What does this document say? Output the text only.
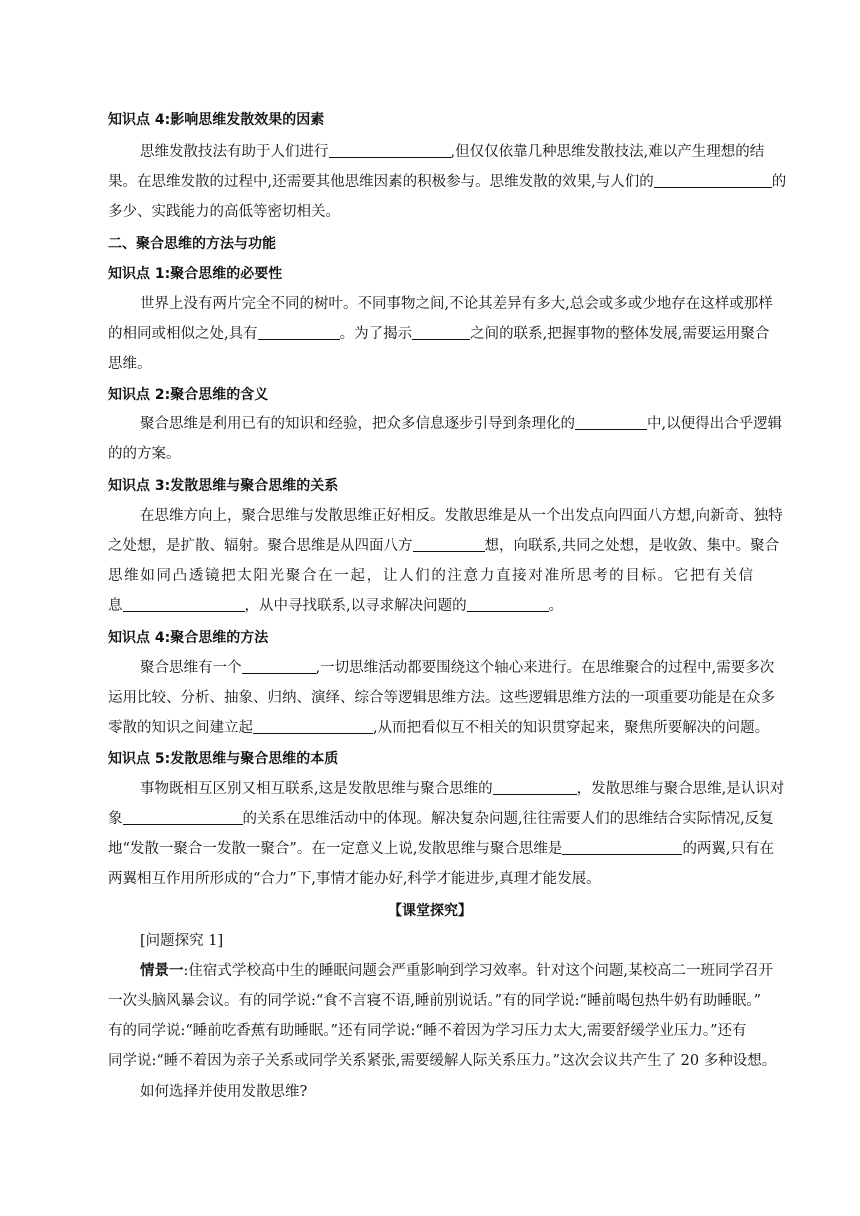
知识点 4:影响思维发散效果的因素
思维发散技法有助于人们进行	,但仅仅依靠几种思维发散技法,难以产生理想的结
果。在思维发散的过程中,还需要其他思维因素的积极参与。思维发散的效果,与人们的	的
多少、实践能力的高低等密切相关。
二、聚合思维的方法与功能
知识点 1:聚合思维的必要性
世界上没有两片完全不同的树叶。不同事物之间,不论其差异有多大,总会或多或少地存在这样或那样
的相同或相似之处,具有	。为了揭示	之间的联系,把握事物的整体发展,需要运用聚合
思维。
知识点 2:聚合思维的含义
聚合思维是利用已有的知识和经验，把众多信息逐步引导到条理化的	中,以便得出合乎逻辑
的的方案。
知识点 3:发散思维与聚合思维的关系
在思维方向上，聚合思维与发散思维正好相反。发散思维是从一个出发点向四面八方想,向新奇、独特
之处想，是扩散、辐射。聚合思维是从四面八方	想，向联系,共同之处想，是收敛、集中。聚合
思维如同凸透镜把太阳光聚合在一起，让人们的注意力直接对准所思考的目标。它把有关信
息	，从中寻找联系,以寻求解决问题的	。
知识点 4:聚合思维的方法
聚合思维有一个	,一切思维活动都要围绕这个轴心来进行。在思维聚合的过程中,需要多次
运用比较、分析、抽象、归纳、演绎、综合等逻辑思维方法。这些逻辑思维方法的一项重要功能是在众多
零散的知识之间建立起	,从而把看似互不相关的知识贯穿起来，聚焦所要解决的问题。
知识点 5:发散思维与聚合思维的本质
事物既相互区别又相互联系,这是发散思维与聚合思维的	，发散思维与聚合思维,是认识对
象	的关系在思维活动中的体现。解决复杂问题,往往需要人们的思维结合实际情况,反复
地“发散一聚合一发散一聚合”。在一定意义上说,发散思维与聚合思维是	的两翼,只有在
两翼相互作用所形成的“合力”下,事情才能办好,科学才能进步,真理才能发展。
【课堂探究】
[问题探究 1]
情景一:住宿式学校高中生的睡眠问题会严重影响到学习效率。针对这个问题,某校高二一班同学召开
一次头脑风暴会议。有的同学说:“食不言寝不语,睡前别说话。”有的同学说:“睡前喝包热牛奶有助睡眠。”
有的同学说:“睡前吃香蕉有助睡眠。”还有同学说:“睡不着因为学习压力太大,需要舒缓学业压力。”还有
同学说:“睡不着因为亲子关系或同学关系紧张,需要缓解人际关系压力。”这次会议共产生了 20 多种设想。
如何选择并使用发散思维?
